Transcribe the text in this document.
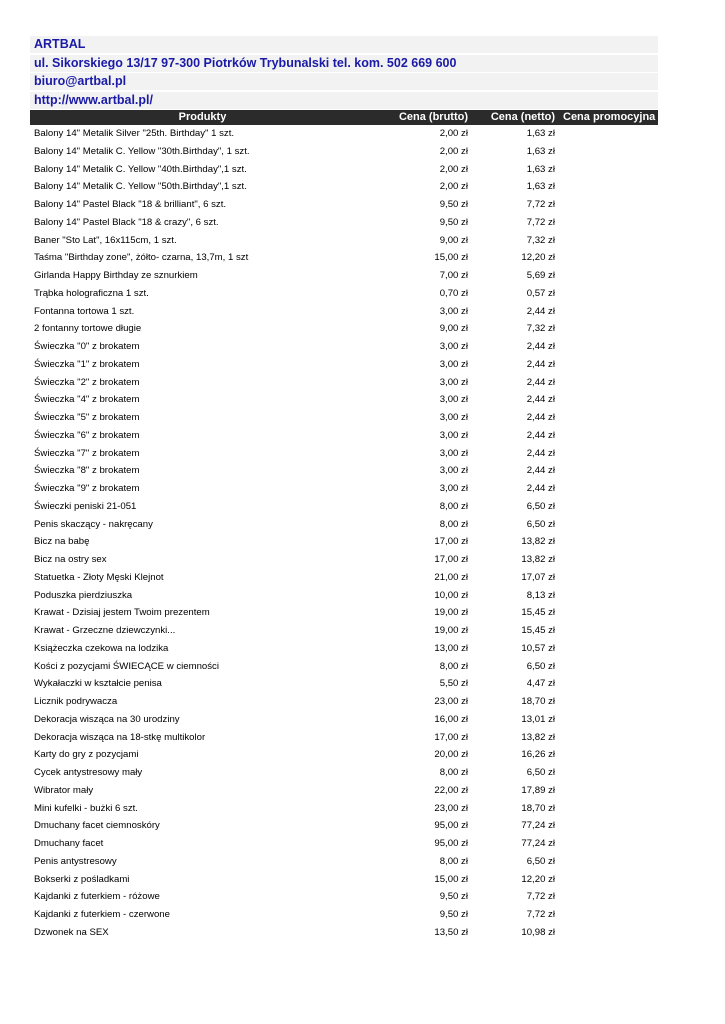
ARTBAL
ul. Sikorskiego 13/17 97-300 Piotrków Trybunalski tel. kom. 502 669 600
biuro@artbal.pl
http://www.artbal.pl/
Produkty	Cena (brutto)	Cena (netto)	Cena promocyjna
Balony 14" Metalik Silver "25th. Birthday" 1 szt.	2,00 zł	1,63 zł	
Balony 14" Metalik C. Yellow "30th.Birthday", 1 szt.	2,00 zł	1,63 zł	
Balony 14" Metalik C. Yellow "40th.Birthday",1 szt.	2,00 zł	1,63 zł	
Balony 14" Metalik C. Yellow "50th.Birthday",1 szt.	2,00 zł	1,63 zł	
Balony 14" Pastel Black "18 & brilliant", 6 szt.	9,50 zł	7,72 zł	
Balony 14" Pastel Black "18 & crazy", 6 szt.	9,50 zł	7,72 zł	
Baner "Sto Lat", 16x115cm, 1 szt.	9,00 zł	7,32 zł	
Taśma "Birthday zone", żółto- czarna, 13,7m, 1 szt	15,00 zł	12,20 zł	
Girlanda Happy Birthday ze sznurkiem	7,00 zł	5,69 zł	
Trąbka holograficzna 1 szt.	0,70 zł	0,57 zł	
Fontanna tortowa 1 szt.	3,00 zł	2,44 zł	
2 fontanny tortowe długie	9,00 zł	7,32 zł	
Świeczka "0" z brokatem	3,00 zł	2,44 zł	
Świeczka "1" z brokatem	3,00 zł	2,44 zł	
Świeczka "2" z brokatem	3,00 zł	2,44 zł	
Świeczka "4" z brokatem	3,00 zł	2,44 zł	
Świeczka "5" z brokatem	3,00 zł	2,44 zł	
Świeczka "6" z brokatem	3,00 zł	2,44 zł	
Świeczka "7" z brokatem	3,00 zł	2,44 zł	
Świeczka "8" z brokatem	3,00 zł	2,44 zł	
Świeczka "9" z brokatem	3,00 zł	2,44 zł	
Świeczki peniski 21-051	8,00 zł	6,50 zł	
Penis skaczący - nakręcany	8,00 zł	6,50 zł	
Bicz na babę	17,00 zł	13,82 zł	
Bicz na ostry sex	17,00 zł	13,82 zł	
Statuetka - Złoty Męski Klejnot	21,00 zł	17,07 zł	
Poduszka pierdziuszka	10,00 zł	8,13 zł	
Krawat - Dzisiaj jestem Twoim prezentem	19,00 zł	15,45 zł	
Krawat - Grzeczne dziewczynki...	19,00 zł	15,45 zł	
Książeczka czekowa na lodzika	13,00 zł	10,57 zł	
Kości z pozycjami ŚWIECĄCE w ciemności	8,00 zł	6,50 zł	
Wykałaczki w kształcie penisa	5,50 zł	4,47 zł	
Licznik podrywacza	23,00 zł	18,70 zł	
Dekoracja wisząca na 30 urodziny	16,00 zł	13,01 zł	
Dekoracja wisząca na 18-stkę multikolor	17,00 zł	13,82 zł	
Karty do gry z pozycjami	20,00 zł	16,26 zł	
Cycek antystresowy mały	8,00 zł	6,50 zł	
Wibrator mały	22,00 zł	17,89 zł	
Mini kufelki - bużki 6 szt.	23,00 zł	18,70 zł	
Dmuchany facet ciemnoskóry	95,00 zł	77,24 zł	
Dmuchany facet	95,00 zł	77,24 zł	
Penis antystresowy	8,00 zł	6,50 zł	
Bokserki z pośladkami	15,00 zł	12,20 zł	
Kajdanki z futerkiem - różowe	9,50 zł	7,72 zł	
Kajdanki z futerkiem - czerwone	9,50 zł	7,72 zł	
Dzwonek na SEX	13,50 zł	10,98 zł	
